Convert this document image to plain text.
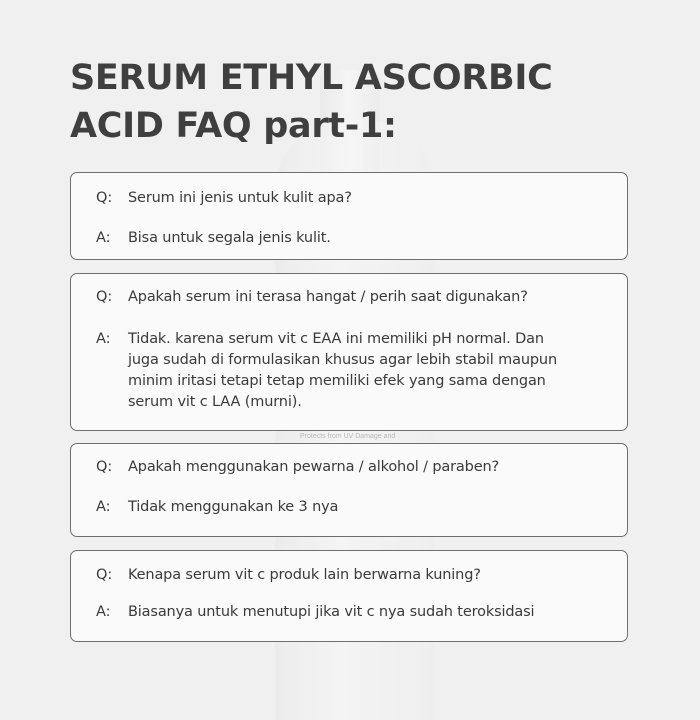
Protects from UV Damage and
SERUM ETHYL ASCORBIC
ACID FAQ part-1:
Q:	Serum ini jenis untuk kulit apa?
A:	Bisa untuk segala jenis kulit.
Q:	Apakah serum ini terasa hangat / perih saat digunakan?
A:	Tidak. karena serum vit c EAA ini memiliki pH normal. Dan
juga sudah di formulasikan khusus agar lebih stabil maupun
minim iritasi tetapi tetap memiliki efek yang sama dengan
serum vit c LAA (murni).
Q:	Apakah menggunakan pewarna / alkohol / paraben?
A:	Tidak menggunakan ke 3 nya
Q:	Kenapa serum vit c produk lain berwarna kuning?
A:	Biasanya untuk menutupi jika vit c nya sudah teroksidasi
